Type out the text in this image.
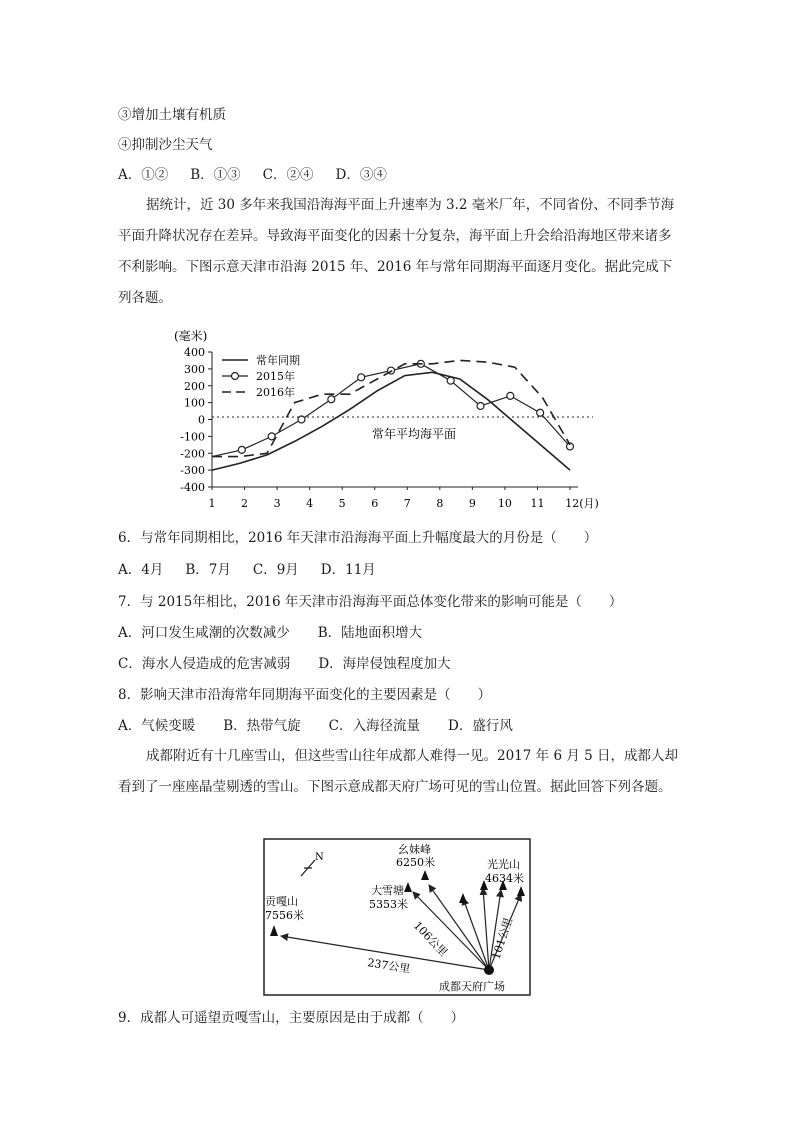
③增加土壤有机质
④抑制沙尘天气
A．①② B．①③ C．②④ D．③④

据统计，近 30 多年来我国沿海海平面上升速率为 3.2 毫米厂年，不同省份、不同季节海平面升降状况存在差异。导致海平面变化的因素十分复杂，海平面上升会给沿海地区带来诸多不利影响。下图示意天津市沿海 2015 年、2016 年与常年同期海平面逐月变化。据此完成下列各题。

(毫米)
400
300
200
100
0
-100
-200
-300
-400
1 2 3 4 5 6 7 8 9 10 11 12(月)
常年平均海平面
常年同期
2015年
2016年
6．与常年同期相比，2016 年天津市沿海海平面上升幅度最大的月份是（　　）
A．4月 B．7月 C．9月 D．11月
7．与 2015年相比，2016 年天津市沿海海平面总体变化带来的影响可能是（　　）
A．河口发生咸潮的次数减少 B．陆地面积增大
C．海水人侵造成的危害减弱 D．海岸侵蚀程度加大
8．影响天津市沿海常年同期海平面变化的主要因素是（　　）
A．气候变暖 B．热带气旋 C．入海径流量 D．盛行风

成都附近有十几座雪山，但这些雪山往年成都人难得一见。2017 年 6 月 5 日，成都人却看到了一座座晶莹剔透的雪山。下图示意成都天府广场可见的雪山位置。据此回答下列各题。

N
贡嘎山
7556米
幺妹峰
6250米
大雪塘
5353米
光光山
4634米
237公里
106公里	101公里
成都天府广场
9．成都人可遥望贡嘎雪山，主要原因是由于成都（　　）
